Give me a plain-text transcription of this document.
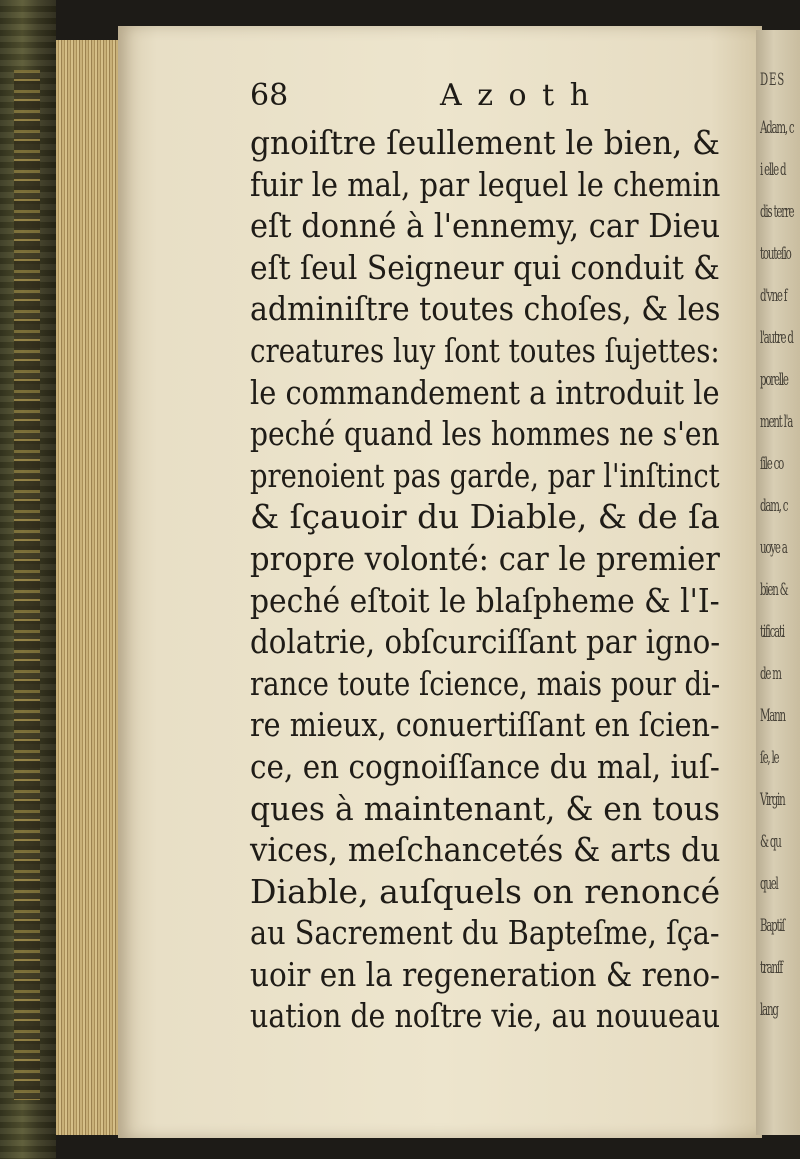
D E S
Adam, c
i elle d
dis terre
touteſio
d'vne f
l'autre d
porelle
ment l'a
ſile co
dam, c
uoye a
bien &
tificati
de m
Mann
ſe, le
Virgin
& qu
quel
Baptiſ
tranſf
lang
68	A z o t h
gnoiſtre ſeullement le bien, &
fuir le mal, par lequel le chemin
eſt donné à l'ennemy, car Dieu
eſt ſeul Seigneur qui conduit &
adminiſtre toutes choſes, & les
creatures luy ſont toutes ſujettes:
le commandement a introduit le
peché quand les hommes ne s'en
prenoient pas garde, par l'inſtinct
& ſçauoir du Diable, & de ſa
propre volonté: car le premier
peché eſtoit le blaſpheme & l'I-
dolatrie, obſcurciſſant par igno-
rance toute ſcience, mais pour di-
re mieux, conuertiſſant en ſcien-
ce, en cognoiſſance du mal, iuſ-
ques à maintenant, & en tous
vices, meſchancetés & arts du
Diable, auſquels on renoncé
au Sacrement du Bapteſme, ſça-
uoir en la regeneration & reno-
uation de noſtre vie, au nouueau
